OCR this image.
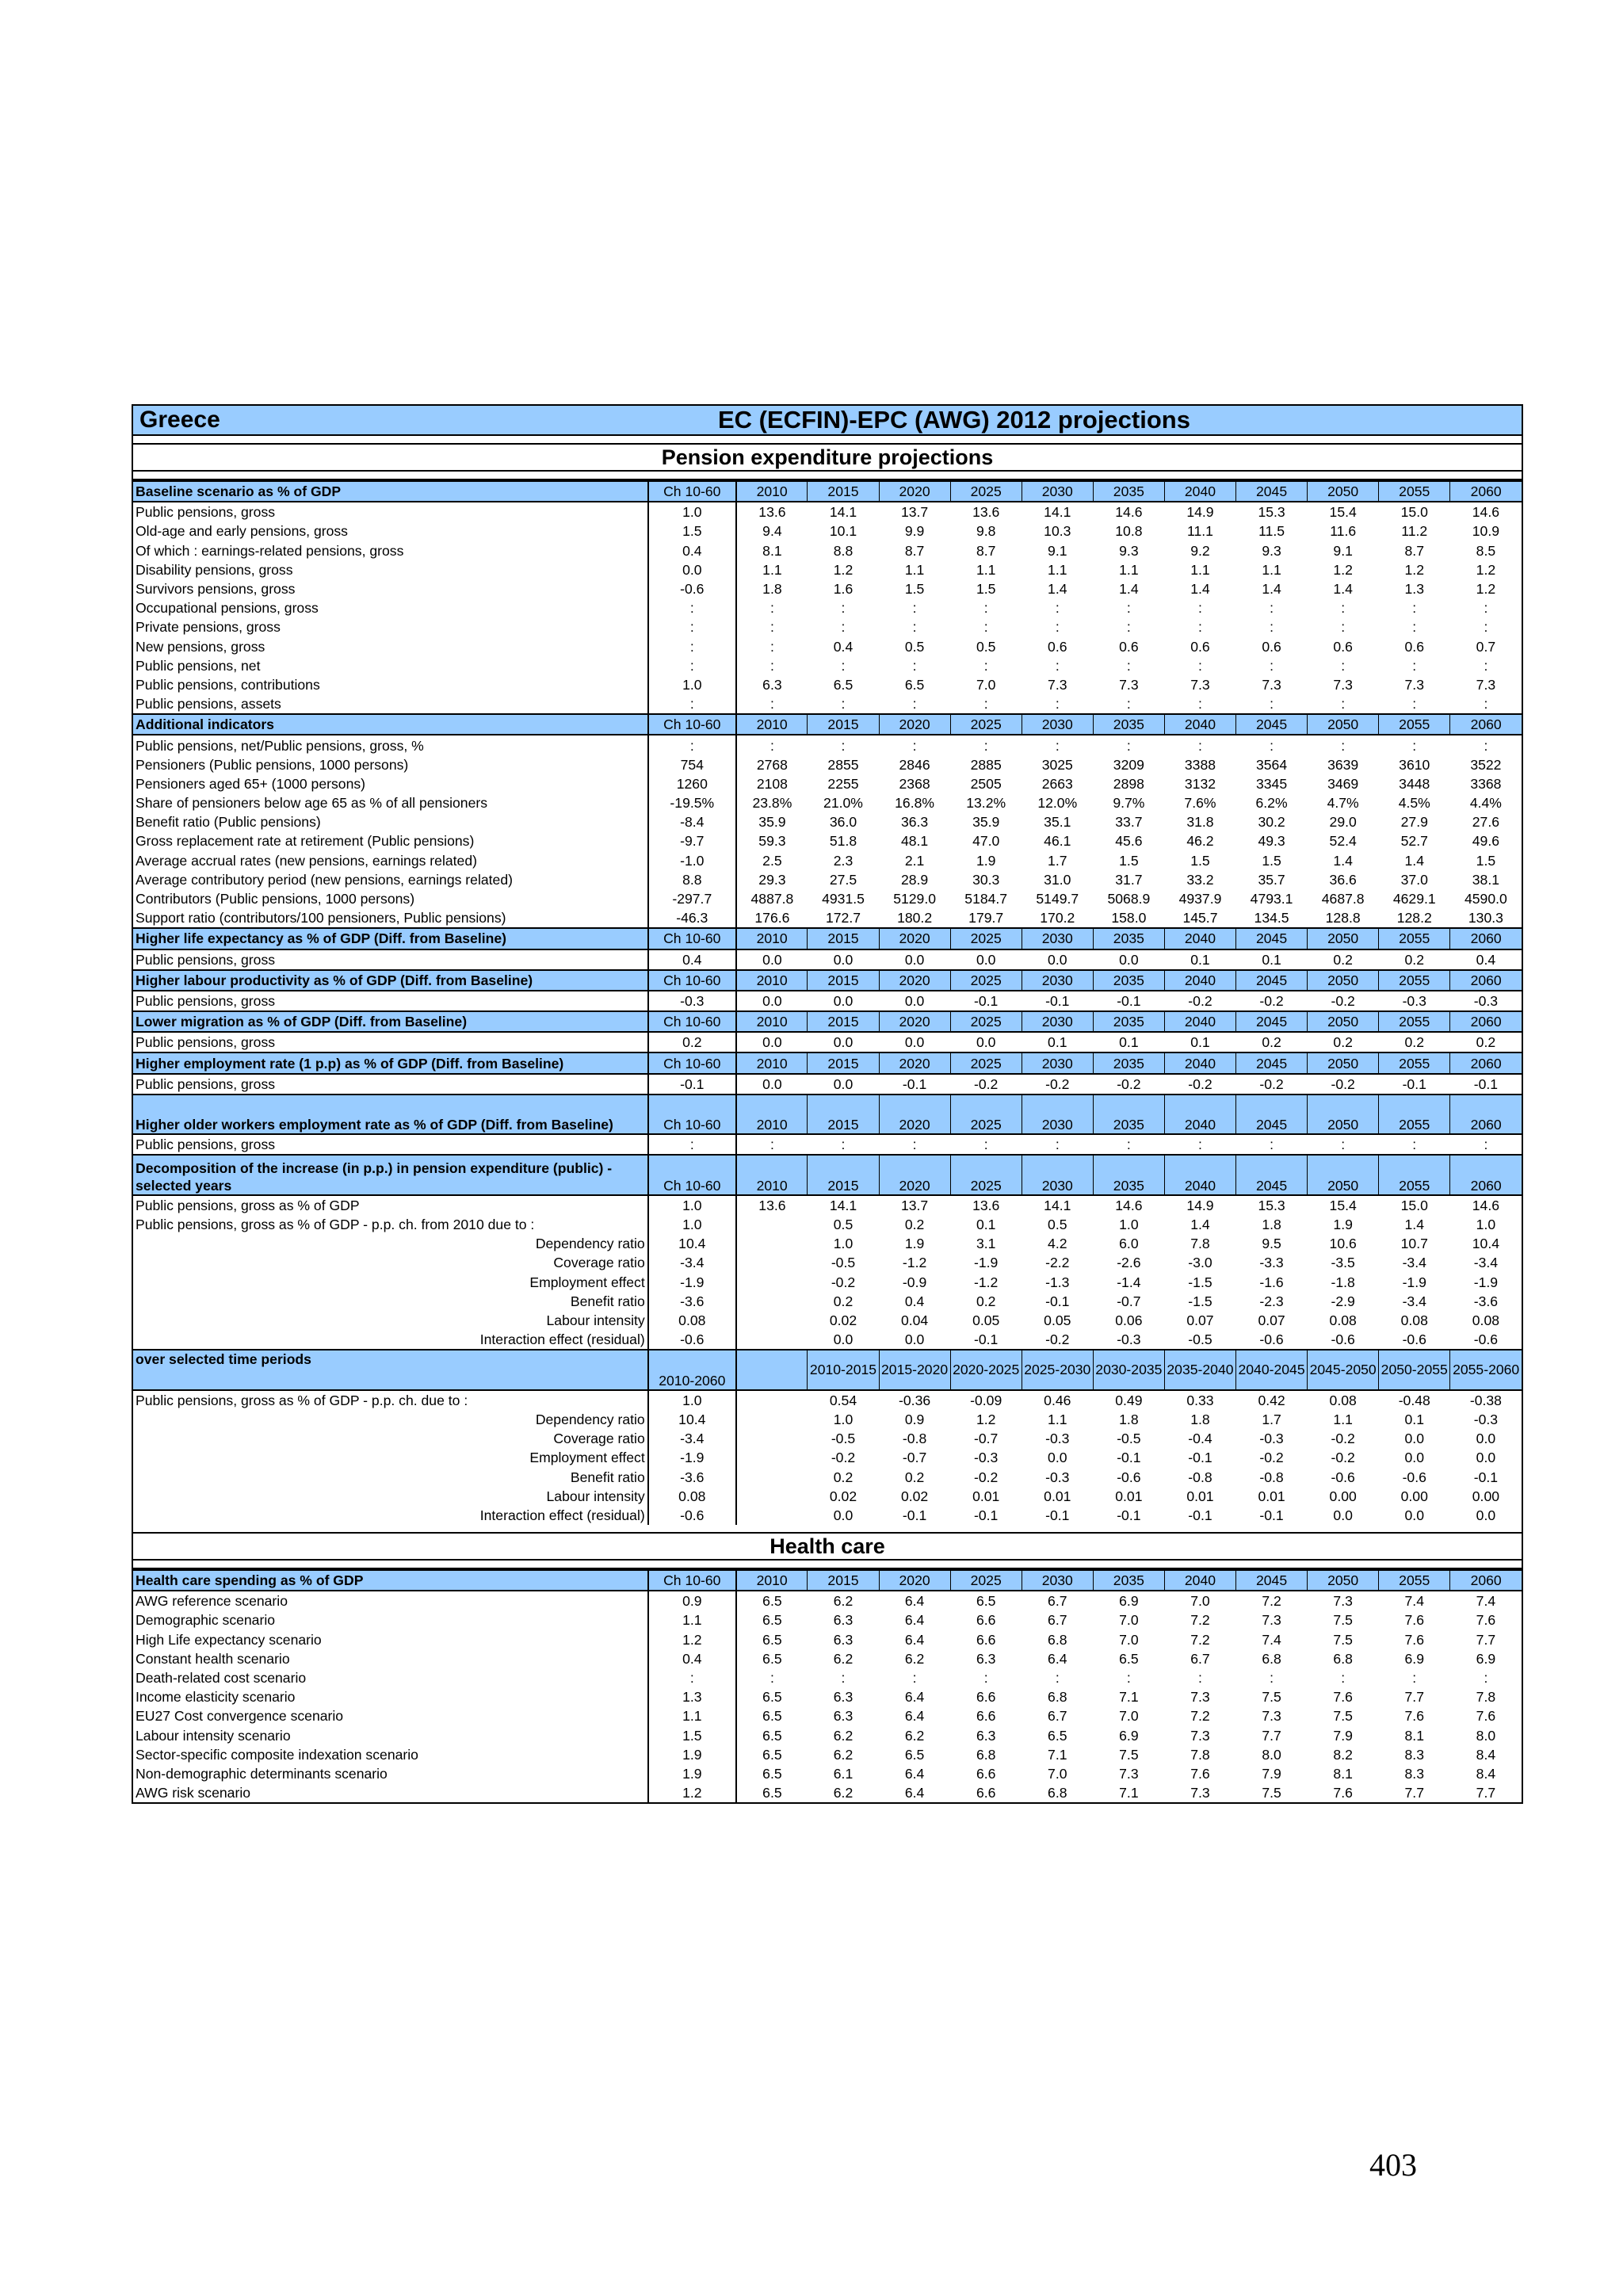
Greece	EC (ECFIN)-EPC (AWG) 2012 projections
Pension expenditure projections
Baseline scenario as % of GDP	Ch 10-60	2010	2015	2020	2025	2030	2035	2040	2045	2050	2055	2060
Public pensions, gross	1.0	13.6	14.1	13.7	13.6	14.1	14.6	14.9	15.3	15.4	15.0	14.6
Old-age and early pensions, gross	1.5	9.4	10.1	9.9	9.8	10.3	10.8	11.1	11.5	11.6	11.2	10.9
Of which : earnings-related pensions, gross	0.4	8.1	8.8	8.7	8.7	9.1	9.3	9.2	9.3	9.1	8.7	8.5
Disability pensions, gross	0.0	1.1	1.2	1.1	1.1	1.1	1.1	1.1	1.1	1.2	1.2	1.2
Survivors pensions, gross	-0.6	1.8	1.6	1.5	1.5	1.4	1.4	1.4	1.4	1.4	1.3	1.2
Occupational pensions, gross	:	:	:	:	:	:	:	:	:	:	:	:
Private pensions, gross	:	:	:	:	:	:	:	:	:	:	:	:
New pensions, gross	:	:	0.4	0.5	0.5	0.6	0.6	0.6	0.6	0.6	0.6	0.7
Public pensions, net	:	:	:	:	:	:	:	:	:	:	:	:
Public pensions, contributions	1.0	6.3	6.5	6.5	7.0	7.3	7.3	7.3	7.3	7.3	7.3	7.3
Public pensions, assets	:	:	:	:	:	:	:	:	:	:	:	:
Additional indicators	Ch 10-60	2010	2015	2020	2025	2030	2035	2040	2045	2050	2055	2060
Public pensions, net/Public pensions, gross, %	:	:	:	:	:	:	:	:	:	:	:	:
Pensioners (Public pensions, 1000 persons)	754	2768	2855	2846	2885	3025	3209	3388	3564	3639	3610	3522
Pensioners aged 65+ (1000 persons)	1260	2108	2255	2368	2505	2663	2898	3132	3345	3469	3448	3368
Share of pensioners below age 65 as % of all pensioners	-19.5%	23.8%	21.0%	16.8%	13.2%	12.0%	9.7%	7.6%	6.2%	4.7%	4.5%	4.4%
Benefit ratio (Public pensions)	-8.4	35.9	36.0	36.3	35.9	35.1	33.7	31.8	30.2	29.0	27.9	27.6
Gross replacement rate at retirement (Public pensions)	-9.7	59.3	51.8	48.1	47.0	46.1	45.6	46.2	49.3	52.4	52.7	49.6
Average accrual rates (new pensions, earnings related)	-1.0	2.5	2.3	2.1	1.9	1.7	1.5	1.5	1.5	1.4	1.4	1.5
Average contributory period (new pensions, earnings related)	8.8	29.3	27.5	28.9	30.3	31.0	31.7	33.2	35.7	36.6	37.0	38.1
Contributors (Public pensions, 1000 persons)	-297.7	4887.8	4931.5	5129.0	5184.7	5149.7	5068.9	4937.9	4793.1	4687.8	4629.1	4590.0
Support ratio (contributors/100 pensioners, Public pensions)	-46.3	176.6	172.7	180.2	179.7	170.2	158.0	145.7	134.5	128.8	128.2	130.3
Higher life expectancy as % of GDP (Diff. from Baseline)	Ch 10-60	2010	2015	2020	2025	2030	2035	2040	2045	2050	2055	2060
Public pensions, gross	0.4	0.0	0.0	0.0	0.0	0.0	0.0	0.1	0.1	0.2	0.2	0.4
Higher labour productivity as % of GDP (Diff. from Baseline)	Ch 10-60	2010	2015	2020	2025	2030	2035	2040	2045	2050	2055	2060
Public pensions, gross	-0.3	0.0	0.0	0.0	-0.1	-0.1	-0.1	-0.2	-0.2	-0.2	-0.3	-0.3
Lower migration as % of GDP (Diff. from Baseline)	Ch 10-60	2010	2015	2020	2025	2030	2035	2040	2045	2050	2055	2060
Public pensions, gross	0.2	0.0	0.0	0.0	0.0	0.1	0.1	0.1	0.2	0.2	0.2	0.2
Higher employment rate (1 p.p) as % of GDP (Diff. from Baseline)	Ch 10-60	2010	2015	2020	2025	2030	2035	2040	2045	2050	2055	2060
Public pensions, gross	-0.1	0.0	0.0	-0.1	-0.2	-0.2	-0.2	-0.2	-0.2	-0.2	-0.1	-0.1
Higher older workers employment rate as % of GDP (Diff. from Baseline)	Ch 10-60	2010	2015	2020	2025	2030	2035	2040	2045	2050	2055	2060
Public pensions, gross	:	:	:	:	:	:	:	:	:	:	:	:
Decomposition of the increase (in p.p.) in pension expenditure (public) - selected years	Ch 10-60	2010	2015	2020	2025	2030	2035	2040	2045	2050	2055	2060
Public pensions, gross as % of GDP	1.0	13.6	14.1	13.7	13.6	14.1	14.6	14.9	15.3	15.4	15.0	14.6
Public pensions, gross as % of GDP - p.p. ch. from 2010 due to :	1.0		0.5	0.2	0.1	0.5	1.0	1.4	1.8	1.9	1.4	1.0
Dependency ratio	10.4		1.0	1.9	3.1	4.2	6.0	7.8	9.5	10.6	10.7	10.4
Coverage ratio	-3.4		-0.5	-1.2	-1.9	-2.2	-2.6	-3.0	-3.3	-3.5	-3.4	-3.4
Employment effect	-1.9		-0.2	-0.9	-1.2	-1.3	-1.4	-1.5	-1.6	-1.8	-1.9	-1.9
Benefit ratio	-3.6		0.2	0.4	0.2	-0.1	-0.7	-1.5	-2.3	-2.9	-3.4	-3.6
Labour intensity	0.08		0.02	0.04	0.05	0.05	0.06	0.07	0.07	0.08	0.08	0.08
Interaction effect (residual)	-0.6		0.0	0.0	-0.1	-0.2	-0.3	-0.5	-0.6	-0.6	-0.6	-0.6
over selected time periods	2010-2060		2010-2015	2015-2020	2020-2025	2025-2030	2030-2035	2035-2040	2040-2045	2045-2050	2050-2055	2055-2060
Public pensions, gross as % of GDP - p.p. ch. due to :	1.0		0.54	-0.36	-0.09	0.46	0.49	0.33	0.42	0.08	-0.48	-0.38
Dependency ratio	10.4		1.0	0.9	1.2	1.1	1.8	1.8	1.7	1.1	0.1	-0.3
Coverage ratio	-3.4		-0.5	-0.8	-0.7	-0.3	-0.5	-0.4	-0.3	-0.2	0.0	0.0
Employment effect	-1.9		-0.2	-0.7	-0.3	0.0	-0.1	-0.1	-0.2	-0.2	0.0	0.0
Benefit ratio	-3.6		0.2	0.2	-0.2	-0.3	-0.6	-0.8	-0.8	-0.6	-0.6	-0.1
Labour intensity	0.08		0.02	0.02	0.01	0.01	0.01	0.01	0.01	0.00	0.00	0.00
Interaction effect (residual)	-0.6		0.0	-0.1	-0.1	-0.1	-0.1	-0.1	-0.1	0.0	0.0	0.0
Health care
Health care spending as % of GDP	Ch 10-60	2010	2015	2020	2025	2030	2035	2040	2045	2050	2055	2060
AWG reference scenario	0.9	6.5	6.2	6.4	6.5	6.7	6.9	7.0	7.2	7.3	7.4	7.4
Demographic scenario	1.1	6.5	6.3	6.4	6.6	6.7	7.0	7.2	7.3	7.5	7.6	7.6
High Life expectancy scenario	1.2	6.5	6.3	6.4	6.6	6.8	7.0	7.2	7.4	7.5	7.6	7.7
Constant health scenario	0.4	6.5	6.2	6.2	6.3	6.4	6.5	6.7	6.8	6.8	6.9	6.9
Death-related cost scenario	:	:	:	:	:	:	:	:	:	:	:	:
Income elasticity scenario	1.3	6.5	6.3	6.4	6.6	6.8	7.1	7.3	7.5	7.6	7.7	7.8
EU27 Cost convergence scenario	1.1	6.5	6.3	6.4	6.6	6.7	7.0	7.2	7.3	7.5	7.6	7.6
Labour intensity scenario	1.5	6.5	6.2	6.2	6.3	6.5	6.9	7.3	7.7	7.9	8.1	8.0
Sector-specific composite indexation scenario	1.9	6.5	6.2	6.5	6.8	7.1	7.5	7.8	8.0	8.2	8.3	8.4
Non-demographic determinants scenario	1.9	6.5	6.1	6.4	6.6	7.0	7.3	7.6	7.9	8.1	8.3	8.4
AWG risk scenario	1.2	6.5	6.2	6.4	6.6	6.8	7.1	7.3	7.5	7.6	7.7	7.7
403
